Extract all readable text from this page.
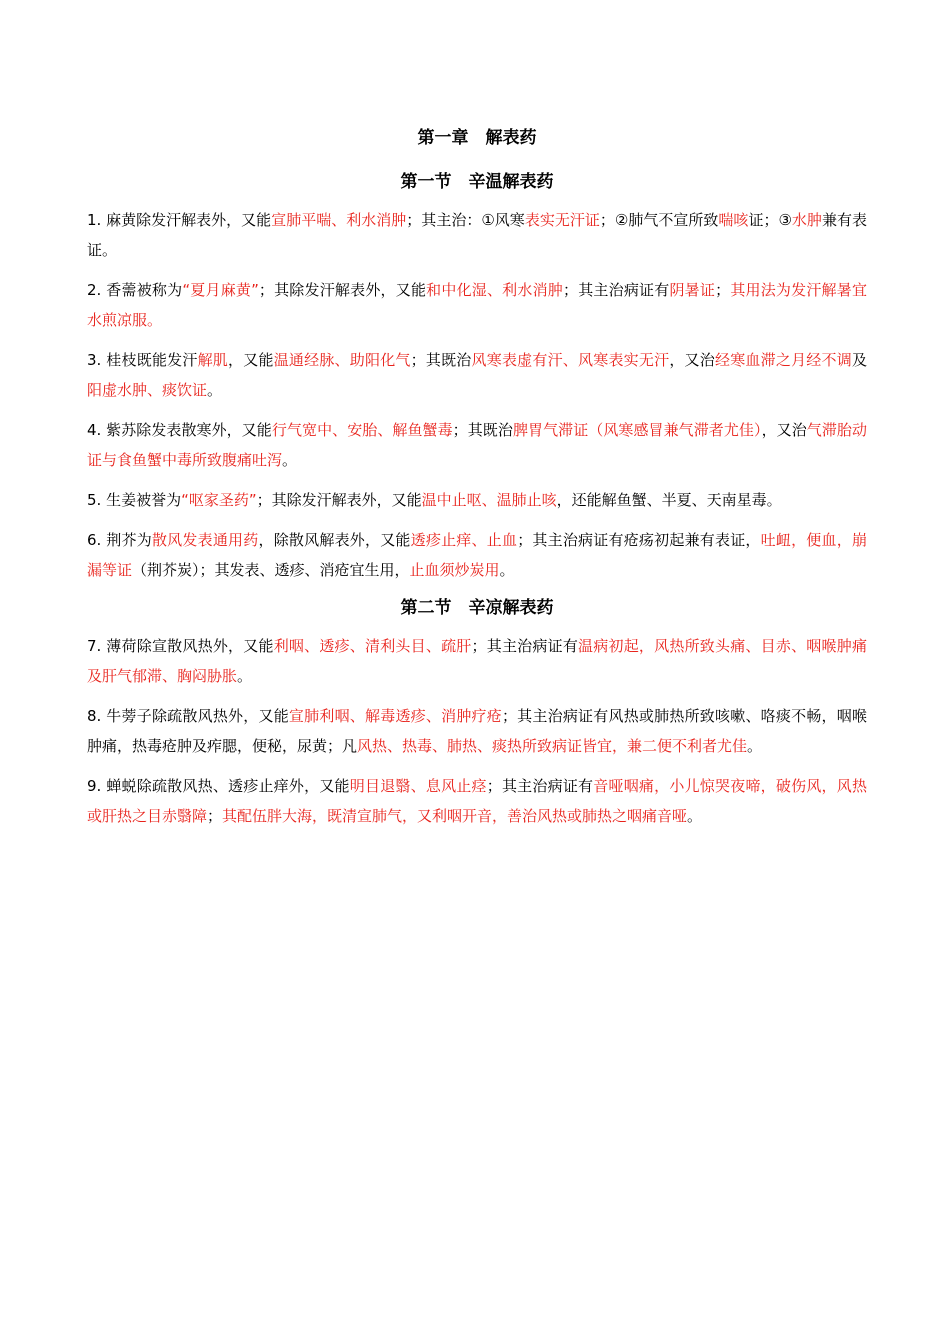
第一章　解表药
第一节　辛温解表药

1. 麻黄除发汗解表外，又能宣肺平喘、利水消肿；其主治：①风寒表实无汗证；②肺气不宣所致喘咳证；③水肿兼有表证。

2. 香薷被称为“夏月麻黄”；其除发汗解表外，又能和中化湿、利水消肿；其主治病证有阴暑证；其用法为发汗解暑宜水煎凉服。

3. 桂枝既能发汗解肌，又能温通经脉、助阳化气；其既治风寒表虚有汗、风寒表实无汗，又治经寒血滞之月经不调及阳虚水肿、痰饮证。

4. 紫苏除发表散寒外，又能行气宽中、安胎、解鱼蟹毒；其既治脾胃气滞证（风寒感冒兼气滞者尤佳），又治气滞胎动证与食鱼蟹中毒所致腹痛吐泻。

5. 生姜被誉为“呕家圣药”；其除发汗解表外，又能温中止呕、温肺止咳，还能解鱼蟹、半夏、天南星毒。

6. 荆芥为散风发表通用药，除散风解表外，又能透疹止痒、止血；其主治病证有疮疡初起兼有表证，吐衄，便血，崩漏等证（荆芥炭）；其发表、透疹、消疮宜生用，止血须炒炭用。

第二节　辛凉解表药

7. 薄荷除宣散风热外，又能利咽、透疹、清利头目、疏肝；其主治病证有温病初起，风热所致头痛、目赤、咽喉肿痛及肝气郁滞、胸闷胁胀。

8. 牛蒡子除疏散风热外，又能宣肺利咽、解毒透疹、消肿疗疮；其主治病证有风热或肺热所致咳嗽、咯痰不畅，咽喉肿痛，热毒疮肿及痄腮，便秘，尿黄；凡风热、热毒、肺热、痰热所致病证皆宜，兼二便不利者尤佳。

9. 蝉蜕除疏散风热、透疹止痒外，又能明目退翳、息风止痉；其主治病证有音哑咽痛，小儿惊哭夜啼，破伤风，风热或肝热之目赤翳障；其配伍胖大海，既清宣肺气，又利咽开音，善治风热或肺热之咽痛音哑。
